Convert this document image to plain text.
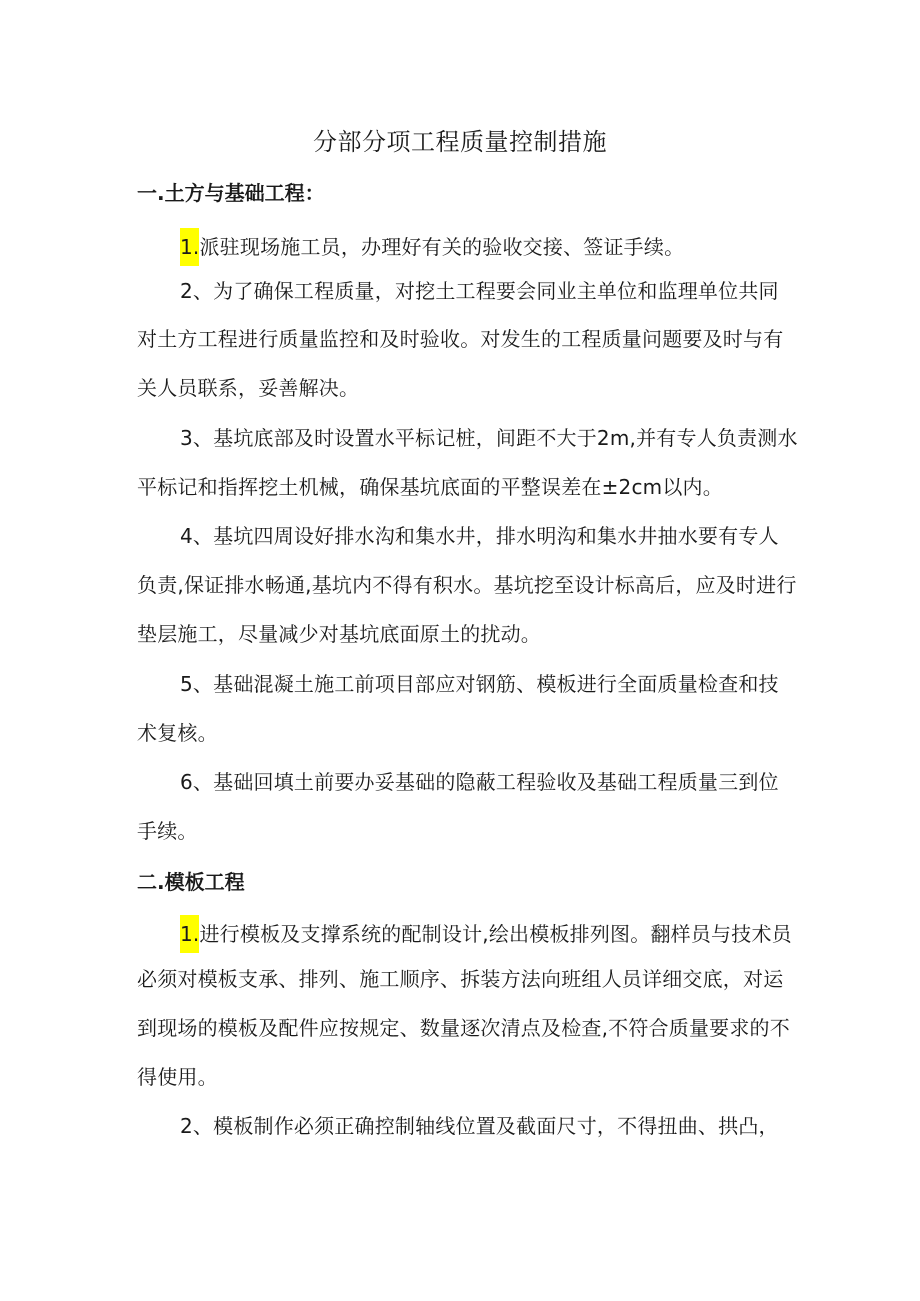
分部分项工程质量控制措施
一.土方与基础工程：
1.派驻现场施工员，办理好有关的验收交接、签证手续。
2、为了确保工程质量，对挖土工程要会同业主单位和监理单位共同
对土方工程进行质量监控和及时验收。对发生的工程质量问题要及时与有
关人员联系，妥善解决。
3、基坑底部及时设置水平标记桩，间距不大于2m,并有专人负责测水
平标记和指挥挖土机械，确保基坑底面的平整误差在±2cm以内。
4、基坑四周设好排水沟和集水井，排水明沟和集水井抽水要有专人
负责,保证排水畅通,基坑内不得有积水。基坑挖至设计标高后，应及时进行
垫层施工，尽量减少对基坑底面原土的扰动。
5、基础混凝土施工前项目部应对钢筋、模板进行全面质量检查和技
术复核。
6、基础回填土前要办妥基础的隐蔽工程验收及基础工程质量三到位
手续。
二.模板工程
1.进行模板及支撑系统的配制设计,绘出模板排列图。翻样员与技术员
必须对模板支承、排列、施工顺序、拆装方法向班组人员详细交底，对运
到现场的模板及配件应按规定、数量逐次清点及检查,不符合质量要求的不
得使用。
2、模板制作必须正确控制轴线位置及截面尺寸，不得扭曲、拱凸，
